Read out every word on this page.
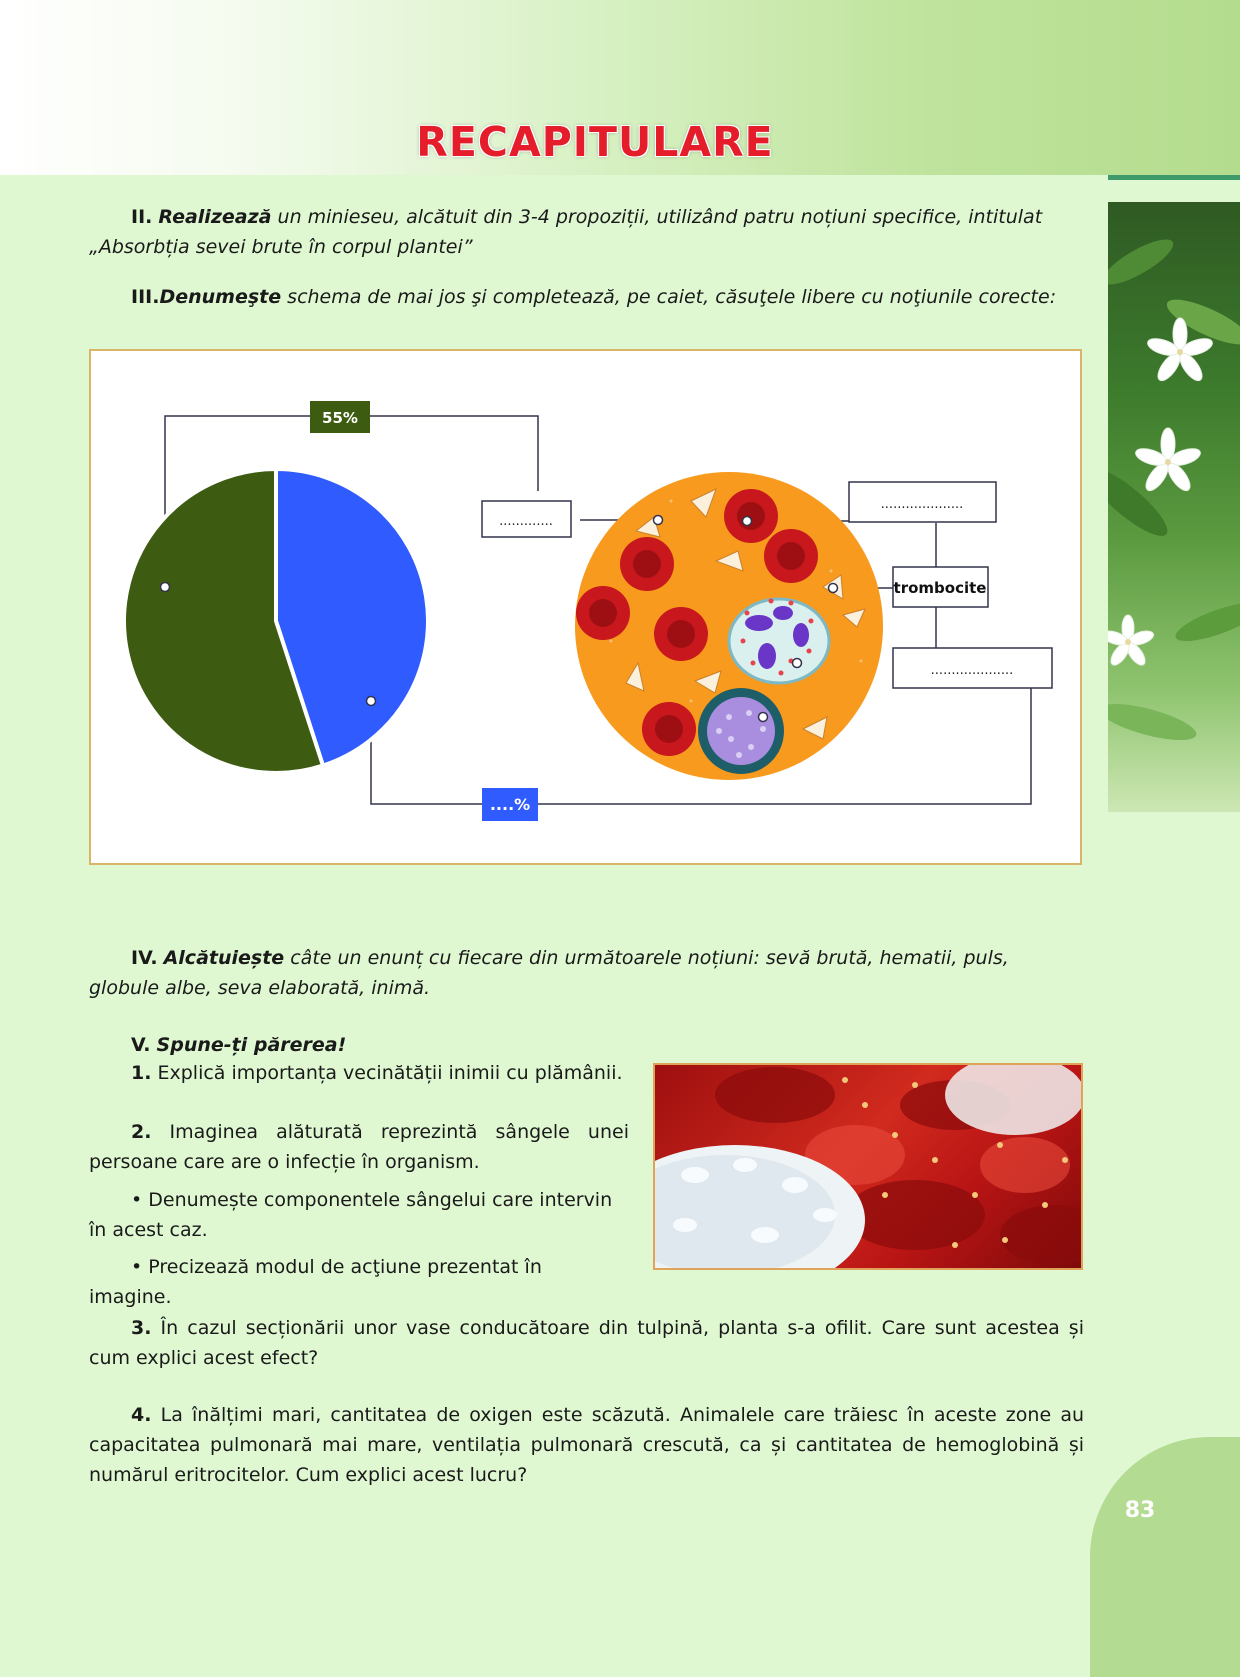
RECAPITULARE

II. Realizează un minieseu, alcătuit din 3-4 propoziții, utilizând patru noțiuni specifice, intitulat „Absorbția sevei brute în corpul plantei”

III.Denumeşte schema de mai jos şi completează, pe caiet, căsuţele libere cu noţiunile corecte:

55%
....%
.............
....................
trombocite
....................

IV. Alcătuiește câte un enunț cu fiecare din următoarele noțiuni: sevă brută, hematii, puls, globule albe, seva elaborată, inimă.

V. Spune-ți părerea!

1. Explică importanța vecinătății inimii cu plămânii.

2. Imaginea alăturată reprezintă sângele unei persoane care are o infecție în organism.

• Denumește componentele sângelui care intervin în acest caz.

• Precizează modul de acţiune prezentat în imagine.

3. În cazul secționării unor vase conducătoare din tulpină, planta s-a ofilit. Care sunt acestea și cum explici acest efect?

4. La înălțimi mari, cantitatea de oxigen este scăzută. Animalele care trăiesc în aceste zone au capacitatea pulmonară mai mare, ventilația pulmonară crescută, ca și cantitatea de hemoglobină și numărul eritrocitelor. Cum explici acest lucru?

83
